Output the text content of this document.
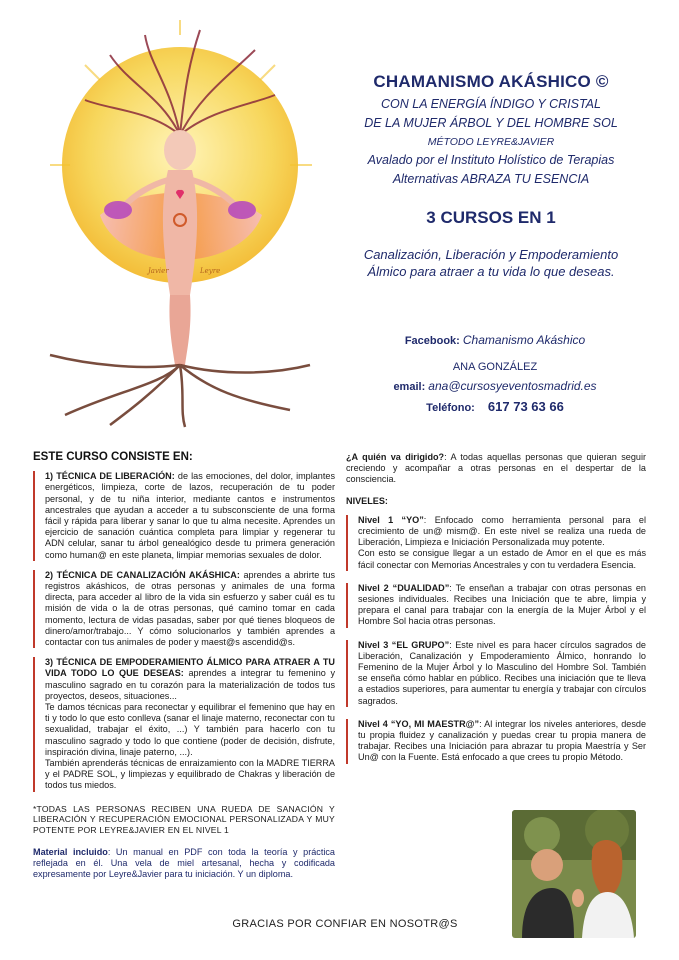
Javier	Leyre
CHAMANISMO AKÁSHICO ©
CON LA ENERGÍA ÍNDIGO Y CRISTAL
DE LA MUJER ÁRBOL Y DEL HOMBRE SOL
MÉTODO LEYRE&JAVIER
Avalado por el Instituto Holístico de Terapias
Alternativas ABRAZA TU ESENCIA
3 CURSOS EN 1
Canalización, Liberación y Empoderamiento
Álmico para atraer a tu vida lo que deseas.
Facebook: Chamanismo Akáshico
ANA GONZÁLEZ
email: ana@cursosyeventosmadrid.es
Teléfono: 617 73 63 66
ESTE CURSO CONSISTE EN:
1) TÉCNICA DE LIBERACIÓN: de las emociones, del dolor, implantes energéticos, limpieza, corte de lazos, recuperación de tu poder personal, y de tu niña interior, mediante cantos e instrumentos ancestrales que ayudan a acceder a tu subsconsciente de una forma fácil y rápida para liberar y sanar lo que tu alma necesite. Aprendes un ejercicio de sanación cuántica completa para limpiar y regenerar tu ADN celular, sanar tu árbol genealógico desde tu primera generación como human@ en este planeta, limpiar memorias sexuales de dolor.
2) TÉCNICA DE CANALIZACIÓN AKÁSHICA: aprendes a abrirte tus registros akáshicos, de otras personas y animales de una forma directa, para acceder al libro de la vida sin esfuerzo y saber cuál es tu misión de vida o la de otras personas, qué camino tomar en cada momento, lectura de vidas pasadas, saber por qué tienes bloqueos de dinero/amor/trabajo... Y cómo solucionarlos y también aprendes a contactar con tus animales de poder y maest@s ascendid@s.
3) TÉCNICA DE EMPODERAMIENTO ÁLMICO PARA ATRAER A TU VIDA TODO LO QUE DESEAS: aprendes a integrar tu femenino y masculino sagrado en tu corazón para la materialización de todos tus proyectos, deseos, situaciones...
Te damos técnicas para reconectar y equilibrar el femenino que hay en ti y todo lo que esto conlleva (sanar el linaje materno, reconectar con tu sexualidad, trabajar el éxito, ...) Y también para hacerlo con tu masculino sagrado y todo lo que contiene (poder de decisión, disfrute, inspiración divina, linaje paterno, ...).
También aprenderás técnicas de enraizamiento con la MADRE TIERRA y el PADRE SOL, y limpiezas y equilibrado de Chakras y liberación de todos tus miedos.
*TODAS LAS PERSONAS RECIBEN UNA RUEDA DE SANACIÓN Y LIBERACIÓN Y RECUPERACIÓN EMOCIONAL PERSONALIZADA Y MUY POTENTE POR LEYRE&JAVIER EN EL NIVEL 1
Material incluido: Un manual en PDF con toda la teoría y práctica reflejada en él. Una vela de miel artesanal, hecha y codificada expresamente por Leyre&Javier para tu iniciación. Y un diploma.
¿A quién va dirigido?: A todas aquellas personas que quieran seguir creciendo y acompañar a otras personas en el despertar de la consciencia.
NIVELES:
Nivel 1 “YO”: Enfocado como herramienta personal para el crecimiento de un@ mism@. En este nivel se realiza una rueda de Liberación, Limpieza e Iniciación Personalizada muy potente.
Con esto se consigue llegar a un estado de Amor en el que es más fácil conectar con Memorias Ancestrales y con tu verdadera Esencia.
Nivel 2 “DUALIDAD”: Te enseñan a trabajar con otras personas en sesiones individuales. Recibes una Iniciación que te abre, limpia y prepara el canal para trabajar con la energía de la Mujer Árbol y el Hombre Sol hacia otras personas.
Nivel 3 “EL GRUPO”: Este nivel es para hacer círculos sagrados de Liberación, Canalización y Empoderamiento Álmico, honrando lo Femenino de la Mujer Árbol y lo Masculino del Hombre Sol. También se enseña cómo hablar en público. Recibes una iniciación que te lleva a estadios superiores, para aumentar tu energía y trabajar con círculos sagrados.
Nivel 4 “YO, MI MAESTR@”: Al integrar los niveles anteriores, desde tu propia fluidez y canalización y puedas crear tu propia manera de trabajar. Recibes una Iniciación para abrazar tu propia Maestría y Ser Un@ con la Fuente. Está enfocado a que crees tu propio Método.
GRACIAS POR CONFIAR EN NOSOTR@S
